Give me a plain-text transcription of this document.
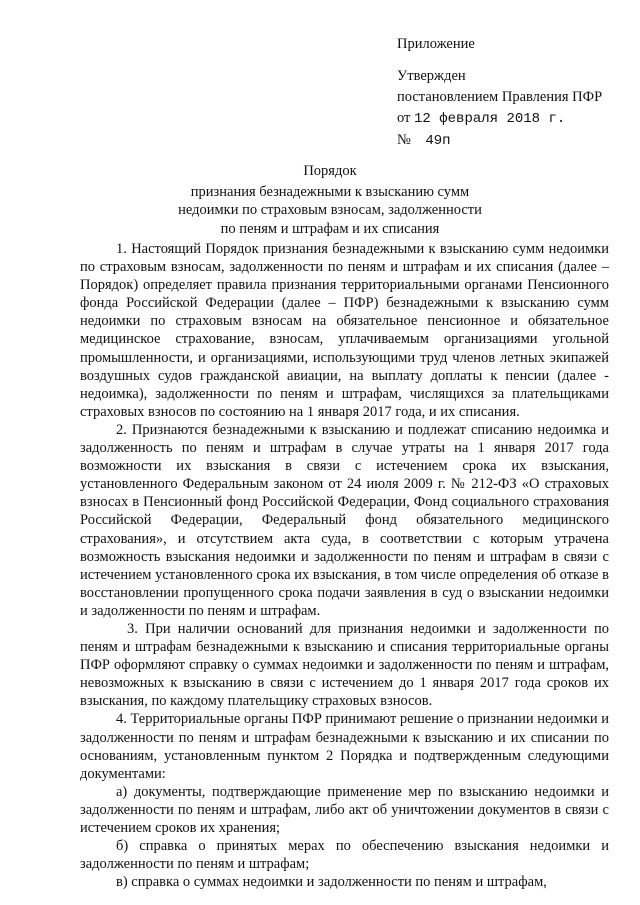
Приложение
Утвержден
постановлением Правления ПФР
от 12 февраля 2018 г.
№ 49п
Порядок
признания безнадежными к взысканию сумм
недоимки по страховым взносам, задолженности
по пеням и штрафам и их списания

1. Настоящий Порядок признания безнадежными к взысканию сумм недоимки по страховым взносам, задолженности по пеням и штрафам и их списания (далее – Порядок) определяет правила признания территориальными органами Пенсионного фонда Российской Федерации (далее – ПФР) безнадежными к взысканию сумм недоимки по страховым взносам на обязательное пенсионное и обязательное медицинское страхование, взносам, уплачиваемым организациями угольной промышленности, и организациями, использующими труд членов летных экипажей воздушных судов гражданской авиации, на выплату доплаты к пенсии (далее - недоимка), задолженности по пеням и штрафам, числящихся за плательщиками страховых взносов по состоянию на 1 января 2017 года, и их списания.

2. Признаются безнадежными к взысканию и подлежат списанию недоимка и задолженность по пеням и штрафам в случае утраты на 1 января 2017 года возможности их взыскания в связи с истечением срока их взыскания, установленного Федеральным законом от 24 июля 2009 г. № 212-ФЗ «О страховых взносах в Пенсионный фонд Российской Федерации, Фонд социального страхования Российской Федерации, Федеральный фонд обязательного медицинского страхования», и отсутствием акта суда, в соответствии с которым утрачена возможность взыскания недоимки и задолженности по пеням и штрафам в связи с истечением установленного срока их взыскания, в том числе определения об отказе в восстановлении пропущенного срока подачи заявления в суд о взыскании недоимки и задолженности по пеням и штрафам.

3. При наличии оснований для признания недоимки и задолженности по пеням и штрафам безнадежными к взысканию и списания территориальные органы ПФР оформляют справку о суммах недоимки и задолженности по пеням и штрафам, невозможных к взысканию в связи с истечением до 1 января 2017 года сроков их взыскания, по каждому плательщику страховых взносов.

4. Территориальные органы ПФР принимают решение о признании недоимки и задолженности по пеням и штрафам безнадежными к взысканию и их списании по основаниям, установленным пунктом 2 Порядка и подтвержденным следующими документами:

а) документы, подтверждающие применение мер по взысканию недоимки и задолженности по пеням и штрафам, либо акт об уничтожении документов в связи с истечением сроков их хранения;

б) справка о принятых мерах по обеспечению взыскания недоимки и задолженности по пеням и штрафам;

в) справка о суммах недоимки и задолженности по пеням и штрафам,
